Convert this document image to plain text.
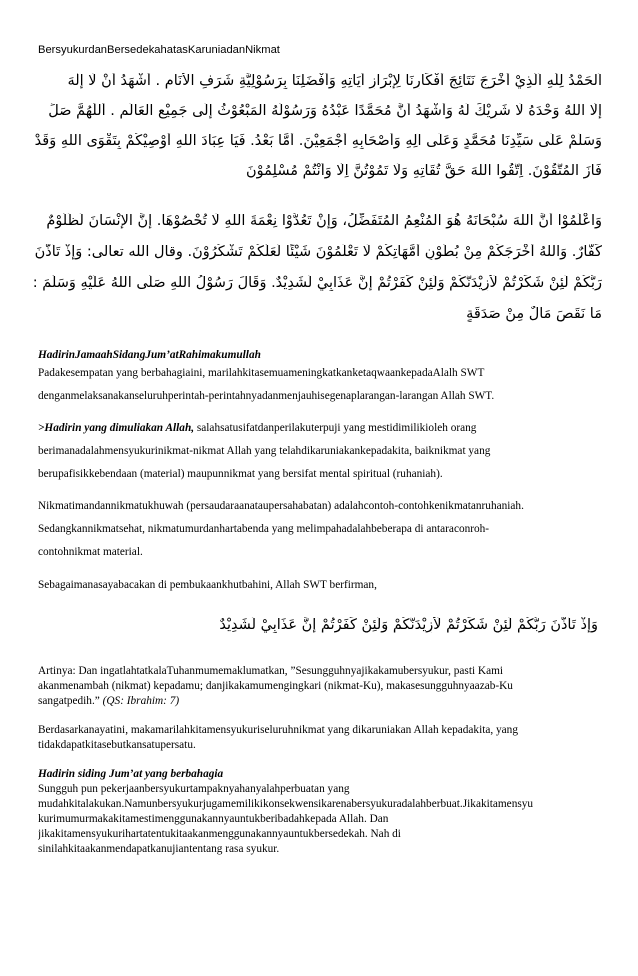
BersyukurdanBersedekahatasKaruniadanNikmat
اَلْحَمْدُ لِلّٰهِ اَلَّذِيْ أَخْرَجَ نَتَائِجَ أَفْكَارِنَا لِإِبْرَازِ أَيَاتِهِ وَأَفْضَلِنَا بِرَسُوْلِيَّةِ شَرَفِ الْأَنَامِ . أَشْهَدُ أَنْ لَا إِلٰهَ
إِلَّا اللهُ وَحْدَهُ لَا شَرِيْكَ لَهُ وَأَشْهَدُ أَنَّ مُحَمَّدًا عَبْدُهُ وَرَسُوْلُهُ الْمَبْعُوْثُ إِلَى جَمِيْعِ الْعَالَمِ . أَللّٰهُمَّ صَلِّ
وَسَلِّمْ عَلَى سَيِّدِنَا مُحَمَّدٍ وَعَلَى آلِهِ وَأَصْحَابِهِ أَجْمَعِيْنَ. أَمَّا بَعْدُ. فَيَا عِبَادَ اللهِ أُوْصِيْكُمْ بِتَقْوَى اللهِ وَقَدْ
فَازَ الْمُتَّقُوْنَ. اِتَّقُوا اللهَ حَقَّ تُقَاتِهِ وَلَا تَمُوْتُنَّ اِلَّا وَأَنْتُمْ مُسْلِمُوْنَ
وَاعْلَمُوْا أَنَّ اللهَ سُبْحَانَهُ هُوَ الْمُنْعِمُ الْمُتَفَضِّلُ، وَإِنْ تَعُدُّوْا نِعْمَةَ اللهِ لَا تُحْصُوْهَا. إِنَّ الْإِنْسَانَ لَظَلُوْمٌ
كَفَّارٌ. وَاللهُ أَخْرَجَكُمْ مِنْ بُطُوْنِ أُمَّهَاتِكُمْ لَا تَعْلَمُوْنَ شَيْئًا لَعَلَّكُمْ تَشْكُرُوْنَ. وقال الله تعالى: وَإِذْ تَأَذَّنَ
رَبُّكُمْ لَئِنْ شَكَرْتُمْ لَأَزِيْدَنَّكُمْ وَلَئِنْ كَفَرْتُمْ إِنَّ عَذَابِيْ لَشَدِيْدٌ. وَقَالَ رَسُوْلُ اللهِ صَلَّى اللهُ عَلَيْهِ وَسَلَّمَ :
مَا نَقَصَ مَالٌ مِنْ صَدَقَةٍ
HadirinJamaahSidangJum’atRahimakumullah
Padakesempatan yang berbahagiaini, marilahkitasemuameningkatkanketaqwaankepadaAlalh SWT
denganmelaksanakanseluruhperintah-perintahnyadanmenjauhisegenaplarangan-larangan Allah SWT.
>Hadirin yang dimuliakan Allah, salahsatusifatdanperilakuterpuji yang mestidimilikioleh orang
berimanadalahmensyukurinikmat-nikmat Allah yang telahdikaruniakankepadakita, baiknikmat yang
berupafisikkebendaan (material) maupunnikmat yang bersifat mental spiritual (ruhaniah).
Nikmatimandannikmatukhuwah (persaudaraanataupersahabatan) adalahcontoh-contohkenikmatanruhaniah.
Sedangkannikmatsehat, nikmatumurdanhartabenda yang melimpahadalahbeberapa di antaraconroh-
contohnikmat material.
Sebagaimanasayabacakan di pembukaankhutbahini, Allah SWT berfirman,
وَإِذْ تَأَذَّنَ رَبُّكُمْ لَئِنْ شَكَرْتُمْ لَأَزِيْدَنَّكُمْ وَلَئِنْ كَفَرْتُمْ إِنَّ عَذَابِيْ لَشَدِيْدٌ
Artinya: Dan ingatlahtatkalaTuhanmumemaklumatkan, ”Sesungguhnyajikakamubersyukur, pasti Kami
akanmenambah (nikmat) kepadamu; danjikakamumengingkari (nikmat-Ku), makasesungguhnyaazab-Ku
sangatpedih.” (QS: Ibrahim: 7)
Berdasarkanayatini, makamarilahkitamensyukuriseluruhnikmat yang dikaruniakan Allah kepadakita, yang
tidakdapatkitasebutkansatupersatu.
Hadirin siding Jum’at yang berbahagia
Sungguh pun pekerjaanbersyukurtampaknyahanyalahperbuatan yang
mudahkitalakukan.Namunbersyukurjugamemilikikonsekwensikarenabersyukuradalahberbuat.Jikakitamensyu
kurimumurmakakitamestimenggunakannyauntukberibadahkepada Allah. Dan
jikakitamensyukurihartatentukitaakanmenggunakannyauntukbersedekah. Nah di
sinilahkitaakanmendapatkanujiantentang rasa syukur.
